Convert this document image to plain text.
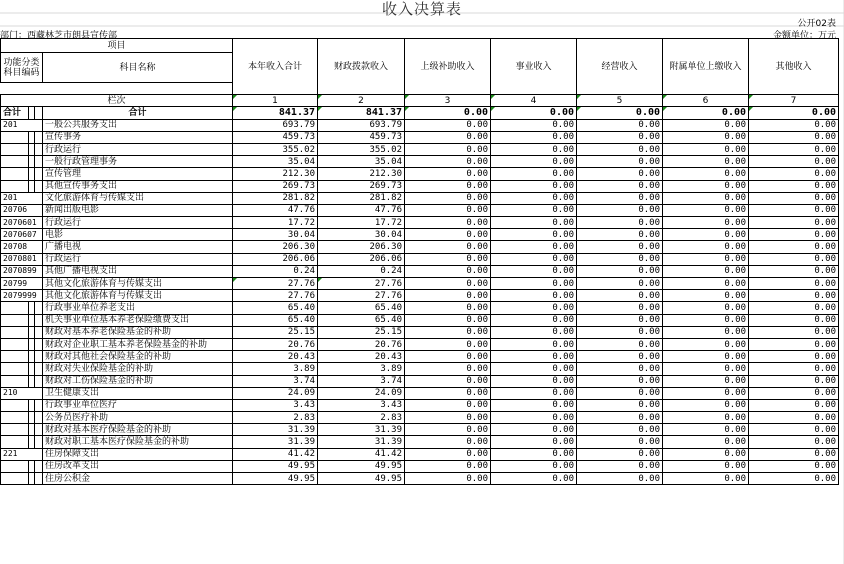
收入决算表
公开02表
部门：西藏林芝市朗县宣传部	金额单位：万元
项目				本年收入合计	财政拨款收入	上级补助收入	事业收入	经营收入	附属单位上缴收入	其他收入
功能分类科目编码			科目名称							

栏次				1	2	3	4	5	6	7
合计			合计	841.37	841.37	0.00	0.00	0.00	0.00	0.00
201			一般公共服务支出	693.79	693.79	0.00	0.00	0.00	0.00	0.00
			宣传事务	459.73	459.73	0.00	0.00	0.00	0.00	0.00
			行政运行	355.02	355.02	0.00	0.00	0.00	0.00	0.00
			一般行政管理事务	35.04	35.04	0.00	0.00	0.00	0.00	0.00
			宣传管理	212.30	212.30	0.00	0.00	0.00	0.00	0.00
			其他宣传事务支出	269.73	269.73	0.00	0.00	0.00	0.00	0.00
201			文化旅游体育与传媒支出	281.82	281.82	0.00	0.00	0.00	0.00	0.00
20706			新闻出版电影	47.76	47.76	0.00	0.00	0.00	0.00	0.00
2070601			行政运行	17.72	17.72	0.00	0.00	0.00	0.00	0.00
2070607			电影	30.04	30.04	0.00	0.00	0.00	0.00	0.00
20708			广播电视	206.30	206.30	0.00	0.00	0.00	0.00	0.00
2070801			行政运行	206.06	206.06	0.00	0.00	0.00	0.00	0.00
2070899			其他广播电视支出	0.24	0.24	0.00	0.00	0.00	0.00	0.00
20799			其他文化旅游体育与传媒支出	27.76	27.76	0.00	0.00	0.00	0.00	0.00
2079999			其他文化旅游体育与传媒支出	27.76	27.76	0.00	0.00	0.00	0.00	0.00
			行政事业单位养老支出	65.40	65.40	0.00	0.00	0.00	0.00	0.00
			机关事业单位基本养老保险缴费支出	65.40	65.40	0.00	0.00	0.00	0.00	0.00
			财政对基本养老保险基金的补助	25.15	25.15	0.00	0.00	0.00	0.00	0.00
			财政对企业职工基本养老保险基金的补助	20.76	20.76	0.00	0.00	0.00	0.00	0.00
			财政对其他社会保险基金的补助	20.43	20.43	0.00	0.00	0.00	0.00	0.00
			财政对失业保险基金的补助	3.89	3.89	0.00	0.00	0.00	0.00	0.00
			财政对工伤保险基金的补助	3.74	3.74	0.00	0.00	0.00	0.00	0.00
210			卫生健康支出	24.09	24.09	0.00	0.00	0.00	0.00	0.00
			行政事业单位医疗	3.43	3.43	0.00	0.00	0.00	0.00	0.00
			公务员医疗补助	2.83	2.83	0.00	0.00	0.00	0.00	0.00
			财政对基本医疗保险基金的补助	31.39	31.39	0.00	0.00	0.00	0.00	0.00
			财政对职工基本医疗保险基金的补助	31.39	31.39	0.00	0.00	0.00	0.00	0.00
221			住房保障支出	41.42	41.42	0.00	0.00	0.00	0.00	0.00
			住房改革支出	49.95	49.95	0.00	0.00	0.00	0.00	0.00
			住房公积金	49.95	49.95	0.00	0.00	0.00	0.00	0.00
